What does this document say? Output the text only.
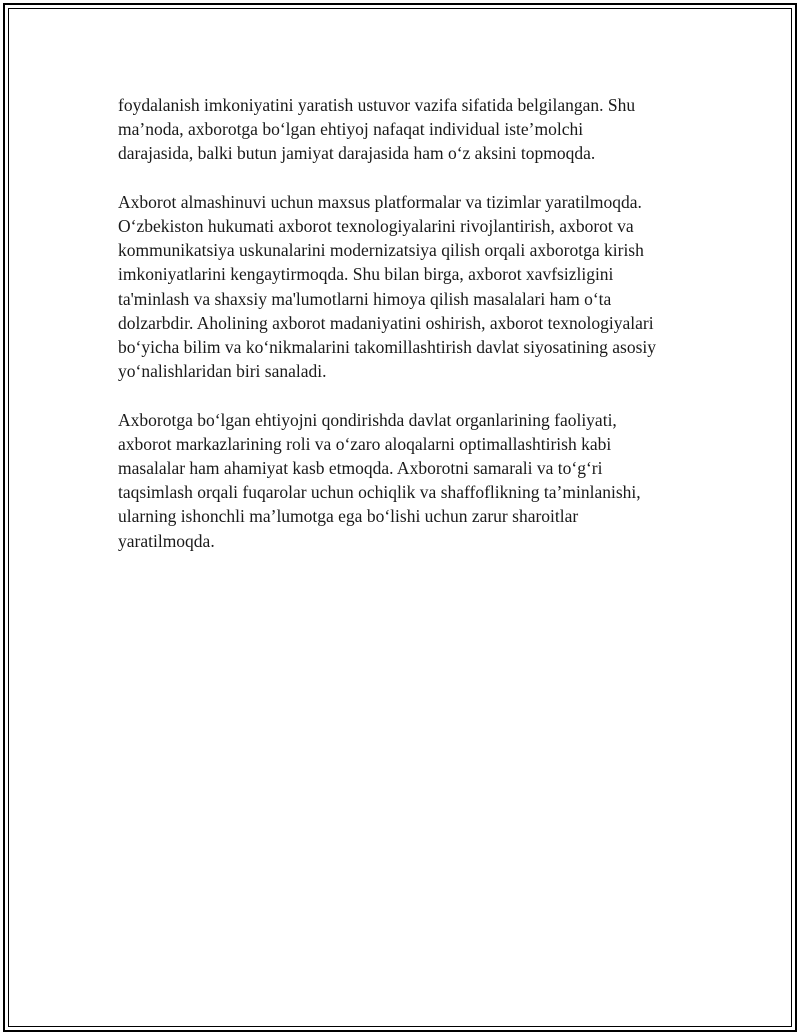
foydalanish imkoniyatini yaratish ustuvor vazifa sifatida belgilangan. Shu
ma’noda, axborotga bo‘lgan ehtiyoj nafaqat individual iste’molchi
darajasida, balki butun jamiyat darajasida ham o‘z aksini topmoqda.

Axborot almashinuvi uchun maxsus platformalar va tizimlar yaratilmoqda.
O‘zbekiston hukumati axborot texnologiyalarini rivojlantirish, axborot va
kommunikatsiya uskunalarini modernizatsiya qilish orqali axborotga kirish
imkoniyatlarini kengaytirmoqda. Shu bilan birga, axborot xavfsizligini
ta'minlash va shaxsiy ma'lumotlarni himoya qilish masalalari ham o‘ta
dolzarbdir. Aholining axborot madaniyatini oshirish, axborot texnologiyalari
bo‘yicha bilim va ko‘nikmalarini takomillashtirish davlat siyosatining asosiy
yo‘nalishlaridan biri sanaladi.

Axborotga bo‘lgan ehtiyojni qondirishda davlat organlarining faoliyati,
axborot markazlarining roli va o‘zaro aloqalarni optimallashtirish kabi
masalalar ham ahamiyat kasb etmoqda. Axborotni samarali va to‘g‘ri
taqsimlash orqali fuqarolar uchun ochiqlik va shaffoflikning ta’minlanishi,
ularning ishonchli ma’lumotga ega bo‘lishi uchun zarur sharoitlar
yaratilmoqda.
